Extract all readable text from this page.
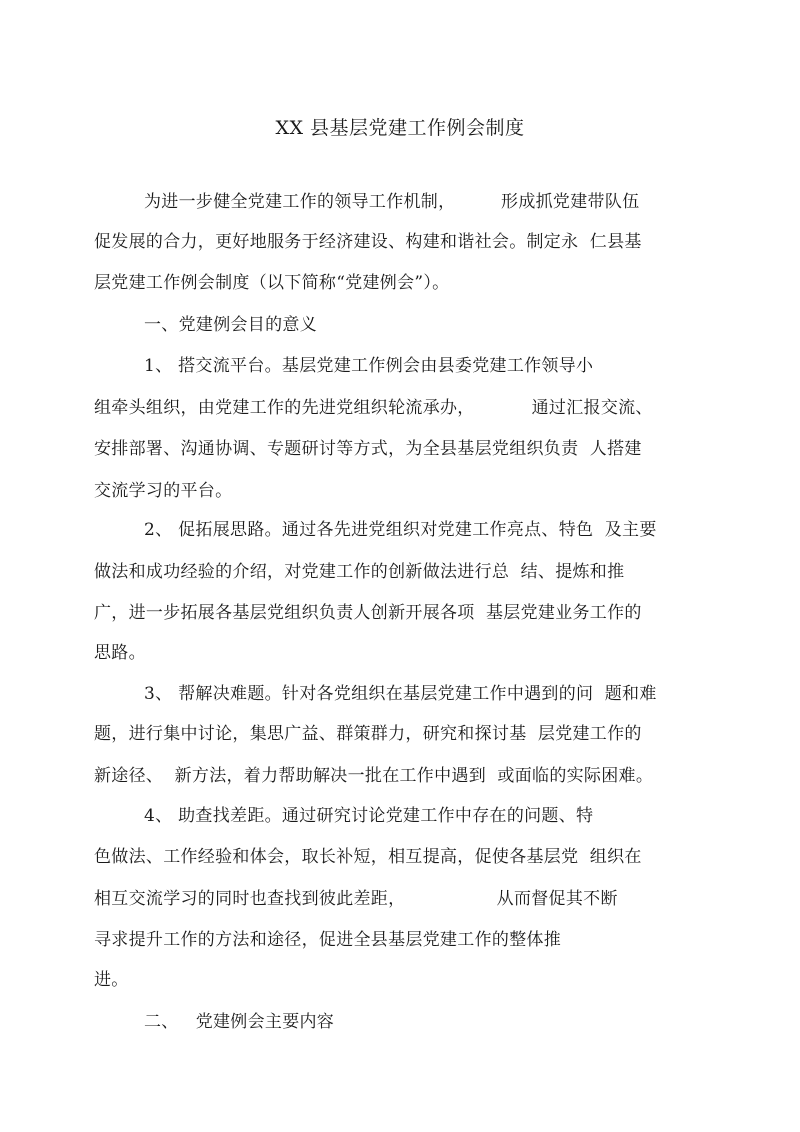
XX 县基层党建工作例会制度
为进一步健全党建工作的领导工作机制，        形成抓党建带队伍
促发展的合力，更好地服务于经济建设、构建和谐社会。制定永  仁县基
层党建工作例会制度（以下简称“党建例会”）。
一、党建例会目的意义
1、 搭交流平台。基层党建工作例会由县委党建工作领导小
组牵头组织，由党建工作的先进党组织轮流承办，          通过汇报交流、
安排部署、沟通协调、专题研讨等方式，为全县基层党组织负责  人搭建
交流学习的平台。
2、 促拓展思路。通过各先进党组织对党建工作亮点、特色  及主要
做法和成功经验的介绍，对党建工作的创新做法进行总  结、提炼和推
广，进一步拓展各基层党组织负责人创新开展各项  基层党建业务工作的
思路。
3、 帮解决难题。针对各党组织在基层党建工作中遇到的问  题和难
题，进行集中讨论，集思广益、群策群力，研究和探讨基  层党建工作的
新途径、  新方法，着力帮助解决一批在工作中遇到  或面临的实际困难。
4、 助查找差距。通过研究讨论党建工作中存在的问题、特
色做法、工作经验和体会，取长补短，相互提高，促使各基层党  组织在
相互交流学习的同时也查找到彼此差距，                从而督促其不断
寻求提升工作的方法和途径，促进全县基层党建工作的整体推
进。
二、   党建例会主要内容
